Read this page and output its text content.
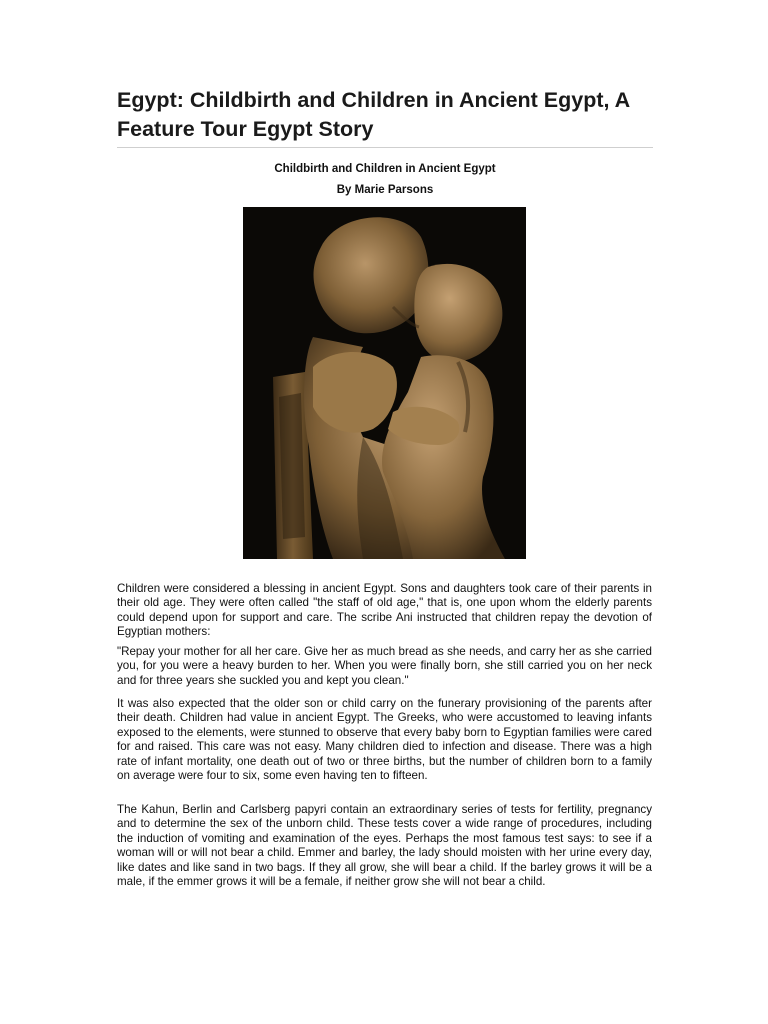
Egypt: Childbirth and Children in Ancient Egypt, A Feature Tour Egypt Story
Childbirth and Children in Ancient Egypt
By Marie Parsons

Children were considered a blessing in ancient Egypt. Sons and daughters took care of their parents in their old age. They were often called "the staff of old age," that is, one upon whom the elderly parents could depend upon for support and care. The scribe Ani instructed that children repay the devotion of Egyptian mothers:

"Repay your mother for all her care. Give her as much bread as she needs, and carry her as she carried you, for you were a heavy burden to her. When you were finally born, she still carried you on her neck and for three years she suckled you and kept you clean."

It was also expected that the older son or child carry on the funerary provisioning of the parents after their death. Children had value in ancient Egypt. The Greeks, who were accustomed to leaving infants exposed to the elements, were stunned to observe that every baby born to Egyptian families were cared for and raised. This care was not easy. Many children died to infection and disease. There was a high rate of infant mortality, one death out of two or three births, but the number of children born to a family on average were four to six, some even having ten to fifteen.

The Kahun, Berlin and Carlsberg papyri contain an extraordinary series of tests for fertility, pregnancy and to determine the sex of the unborn child. These tests cover a wide range of procedures, including the induction of vomiting and examination of the eyes. Perhaps the most famous test says: to see if a woman will or will not bear a child. Emmer and barley, the lady should moisten with her urine every day, like dates and like sand in two bags. If they all grow, she will bear a child. If the barley grows it will be a male, if the emmer grows it will be a female, if neither grow she will not bear a child.
